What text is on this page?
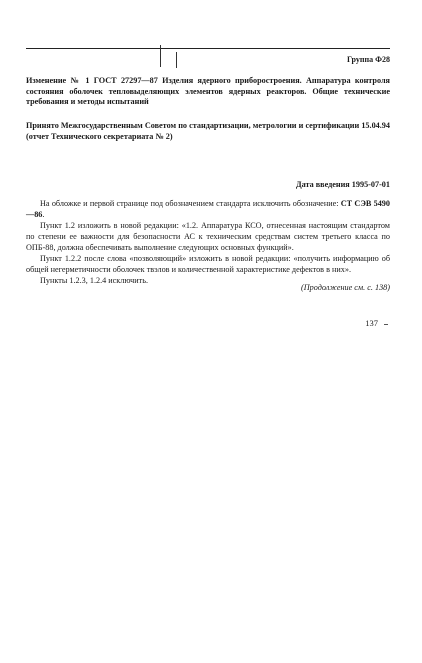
Группа Ф28
Изменение № 1 ГОСТ 27297—87 Изделия ядерного приборостроения. Аппаратура контроля состояния оболочек тепловыделяющих элементов ядерных реакторов. Общие технические требования и методы испытаний
Принято Межгосударственным Советом по стандартизации, метрологии и сертификации 15.04.94 (отчет Технического секретариата № 2)
Дата введения 1995-07-01

На обложке и первой странице под обозначением стандарта исключить обозначение: СТ СЭВ 5490—86.

Пункт 1.2 изложить в новой редакции: «1.2. Аппаратура КСО, отнесенная настоящим стандартом по степени ее важности для безопасности АС к техническим средствам систем третьего класса по ОПБ-88, должна обеспечивать выполнение следующих основных функций».

Пункт 1.2.2 после слова «позволяющий» изложить в новой редакции: «получить информацию об общей негерметичности оболочек твэлов и количественной характеристике дефектов в них».

Пункты 1.2.3, 1.2.4 исключить.

(Продолжение см. с. 138)
137
